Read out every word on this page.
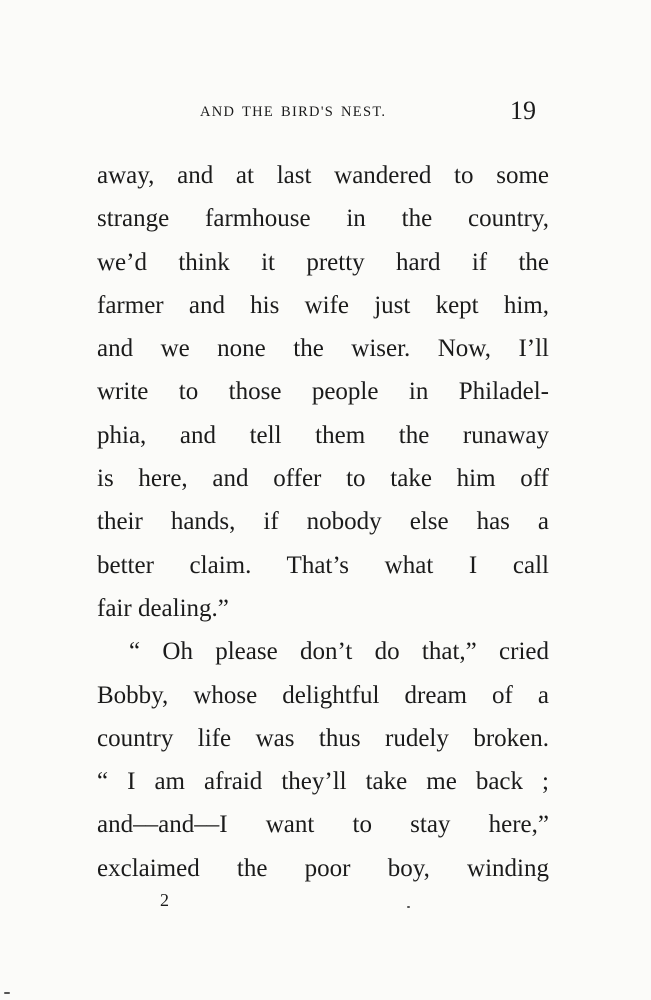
AND THE BIRD'S NEST.	19
away, and at last wandered to some
strange farmhouse in the country,
we’d think it pretty hard if the
farmer and his wife just kept him,
and we none the wiser. Now, I’ll
write to those people in Philadel-
phia, and tell them the runaway
is here, and offer to take him off
their hands, if nobody else has a
better claim. That’s what I call
fair dealing.”
“ Oh please don’t do that,” cried
Bobby, whose delightful dream of a
country life was thus rudely broken.
“ I am afraid they’ll take me back ;
and––and––I want to stay here,”
exclaimed the poor boy, winding
2
